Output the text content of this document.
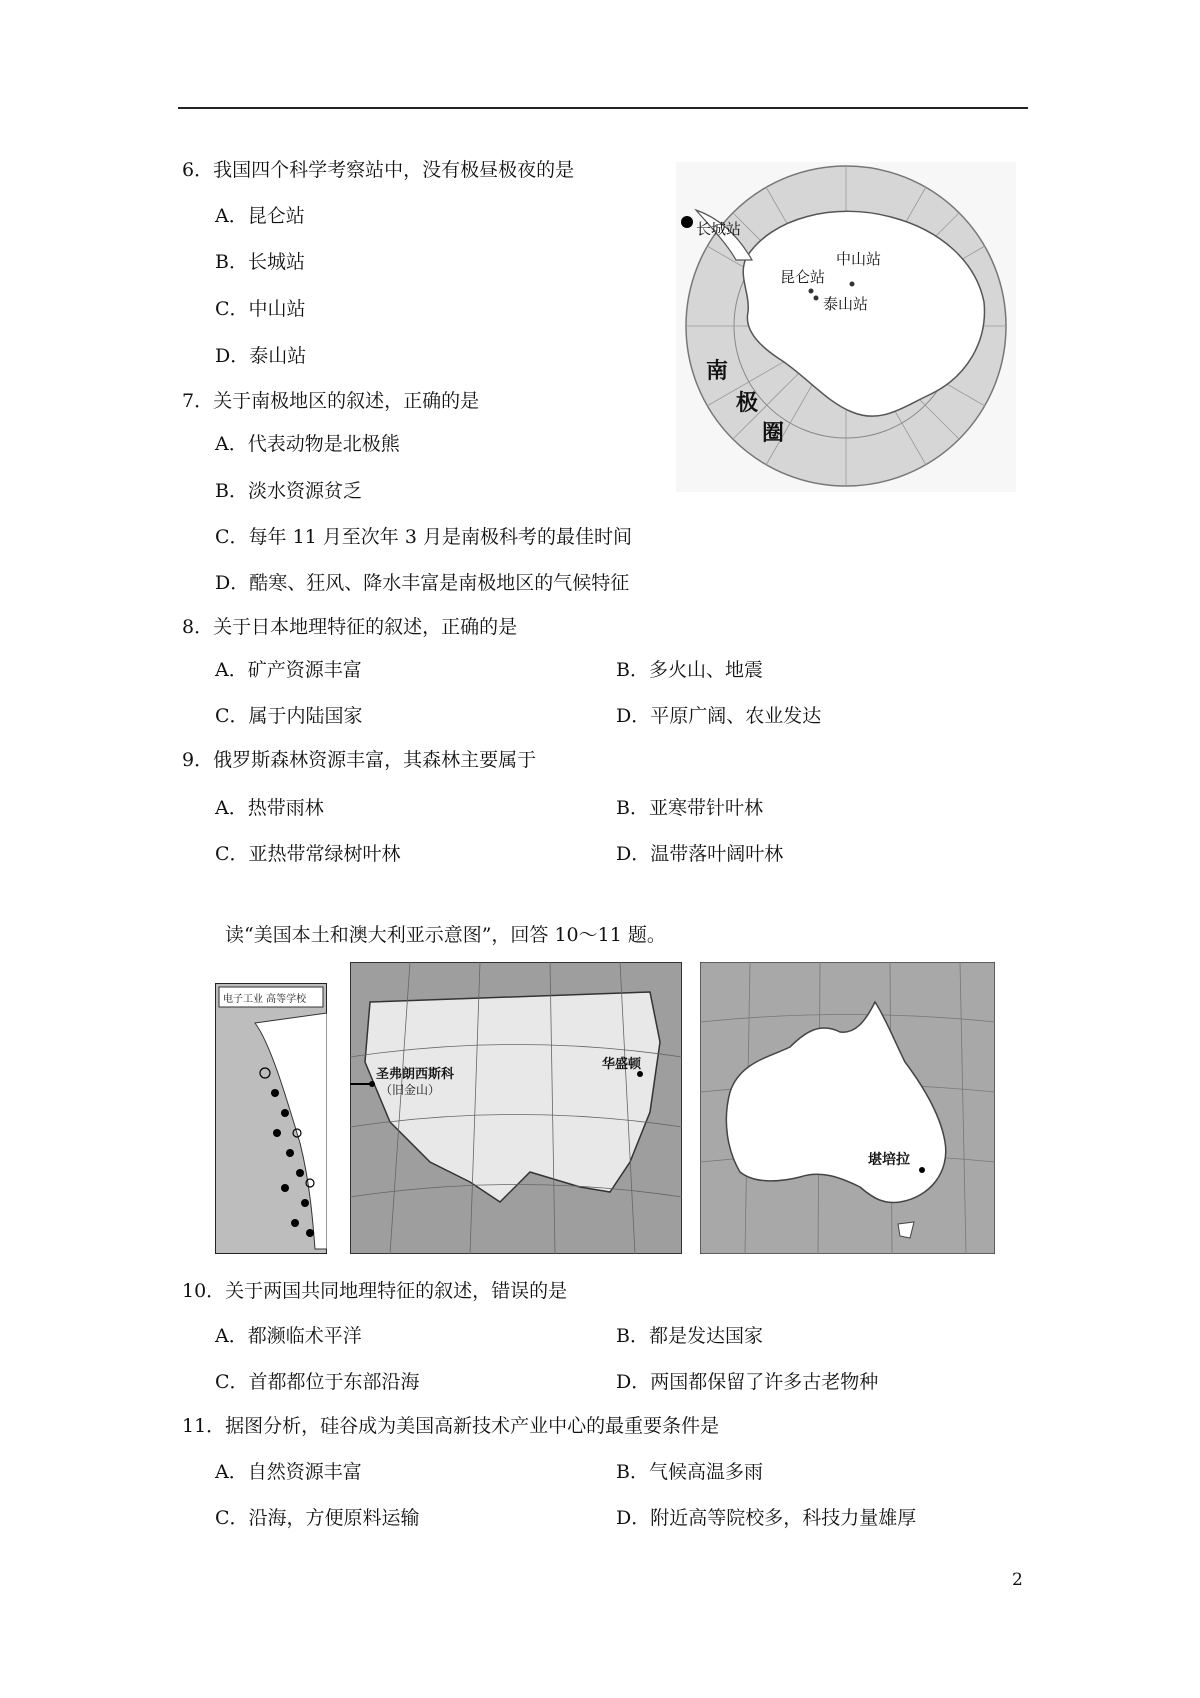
6．我国四个科学考察站中，没有极昼极夜的是
A．昆仑站
B．长城站
C．中山站
D．泰山站
7．关于南极地区的叙述，正确的是
A．代表动物是北极熊
B．淡水资源贫乏
C．每年 11 月至次年 3 月是南极科考的最佳时间
D．酷寒、狂风、降水丰富是南极地区的气候特征
8．关于日本地理特征的叙述，正确的是
A．矿产资源丰富	B．多火山、地震
C．属于内陆国家	D．平原广阔、农业发达
9．俄罗斯森林资源丰富，其森林主要属于
A．热带雨林	B．亚寒带针叶林
C．亚热带常绿树叶林	D．温带落叶阔叶林
读“美国本土和澳大利亚示意图”，回答 10～11 题。
长城站
中山站
昆仑站
泰山站
南
极
圈
电子工业 高等学校
圣弗朗西斯科
（旧金山）
华盛顿
堪培拉
10．关于两国共同地理特征的叙述，错误的是
A．都濒临术平洋	B．都是发达国家
C．首都都位于东部沿海	D．两国都保留了许多古老物种
11．据图分析，硅谷成为美国高新技术产业中心的最重要条件是
A．自然资源丰富	B．气候高温多雨
C．沿海，方便原料运输	D．附近高等院校多，科技力量雄厚
2
